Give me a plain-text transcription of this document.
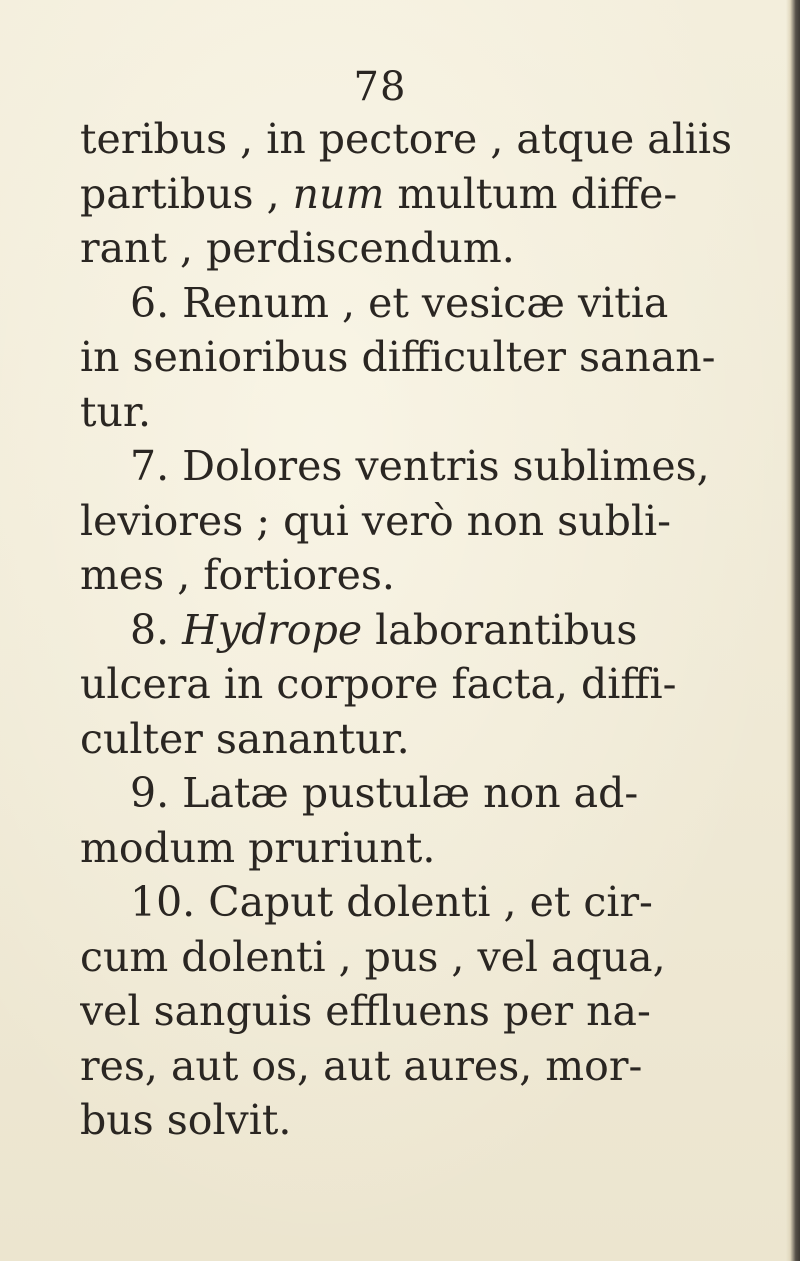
78
teribus , in pectore , atque aliis
partibus , num multum diffe-
rant , perdiscendum.
6. Renum , et vesicæ vitia
in senioribus difficulter sanan-
tur.
7. Dolores ventris sublimes,
leviores ; qui verò non subli-
mes , fortiores.
8. Hydrope laborantibus
ulcera in corpore facta, diffi-
culter sanantur.
9. Latæ pustulæ non ad-
modum pruriunt.
10. Caput dolenti , et cir-
cum dolenti , pus , vel aqua,
vel sanguis effluens per na-
res, aut os, aut aures, mor-
bus solvit.
